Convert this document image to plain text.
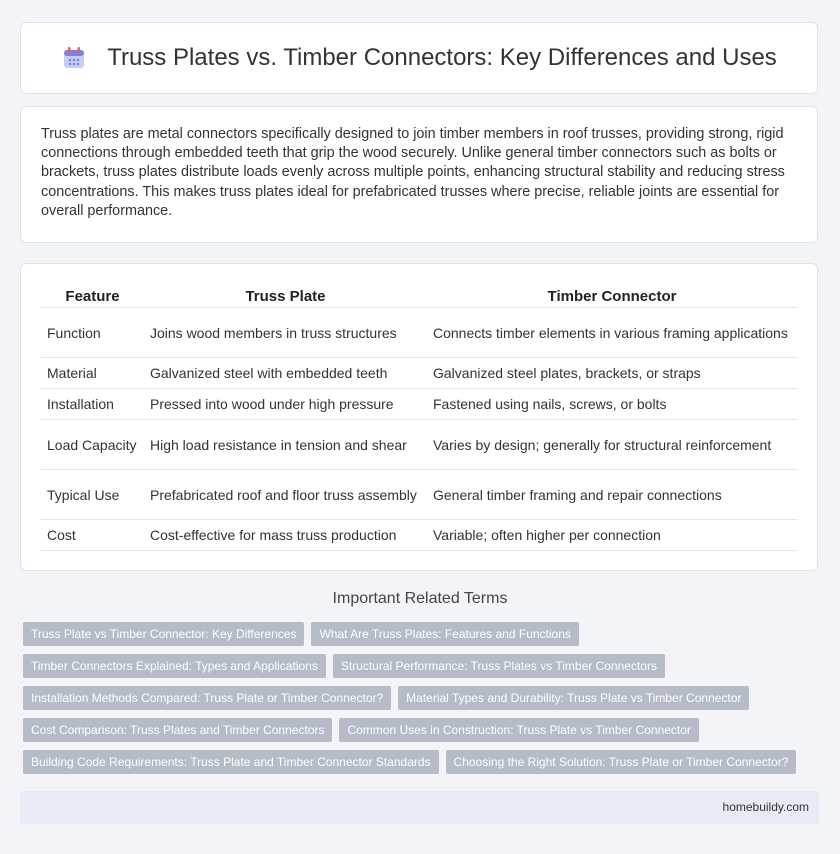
Truss Plates vs. Timber Connectors: Key Differences and Uses

Truss plates are metal connectors specifically designed to join timber members in roof trusses, providing strong, rigid connections through embedded teeth that grip the wood securely. Unlike general timber connectors such as bolts or brackets, truss plates distribute loads evenly across multiple points, enhancing structural stability and reducing stress concentrations. This makes truss plates ideal for prefabricated trusses where precise, reliable joints are essential for overall performance.

Feature	Truss Plate	Timber Connector
Function	Joins wood members in truss structures	Connects timber elements in various framing applications
Material	Galvanized steel with embedded teeth	Galvanized steel plates, brackets, or straps
Installation	Pressed into wood under high pressure	Fastened using nails, screws, or bolts
Load Capacity	High load resistance in tension and shear	Varies by design; generally for structural reinforcement
Typical Use	Prefabricated roof and floor truss assembly	General timber framing and repair connections
Cost	Cost-effective for mass truss production	Variable; often higher per connection
Important Related Terms
Truss Plate vs Timber Connector: Key Differences	What Are Truss Plates: Features and Functions
Timber Connectors Explained: Types and Applications	Structural Performance: Truss Plates vs Timber Connectors
Installation Methods Compared: Truss Plate or Timber Connector?	Material Types and Durability: Truss Plate vs Timber Connector
Cost Comparison: Truss Plates and Timber Connectors	Common Uses in Construction: Truss Plate vs Timber Connector
Building Code Requirements: Truss Plate and Timber Connector Standards	Choosing the Right Solution: Truss Plate or Timber Connector?
homebuildy.com
